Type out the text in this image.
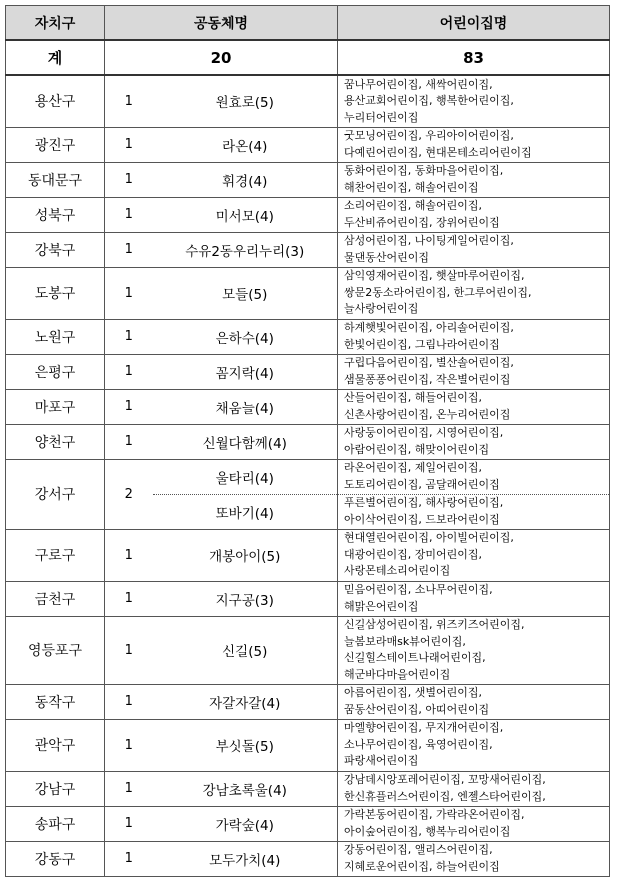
자치구	공동체명		어린이집명
계	20		83
용산구	1	원효로(5)	꿈나무어린이집, 새싹어린이집,
용산교회어린이집, 행복한어린이집,
누리터어린이집

광진구	1	라온(4)	굿모닝어린이집, 우리아이어린이집,
다예린어린이집, 현대몬테소리어린이집

동대문구	1	휘경(4)	동화어린이집, 동화마을어린이집,
해찬어린이집, 해솔어린이집

성북구	1	미서모(4)	소리어린이집, 해솔어린이집,
두산비쥬어린이집, 장위어린이집

강북구	1	수유2동우리누리(3)	삼성어린이집, 나이팅게일어린이집,
물댄동산어린이집

도봉구	1	모들(5)	삼익영재어린이집, 햇살마루어린이집,
쌍문2동소라어린이집, 한그루어린이집,
늘사랑어린이집

노원구	1	은하수(4)	하계햇빛어린이집, 아리솔어린이집,
한빛어린이집, 그림나라어린이집

은평구	1	꼼지락(4)	구립다음어린이집, 별산솔어린이집,
샘물퐁퐁어린이집, 작은별어린이집

마포구	1	채움늘(4)	산들어린이집, 해들어린이집,
신촌사랑어린이집, 온누리어린이집

양천구	1	신월다함께(4)	사랑둥이어린이집, 시영어린이집,
아람어린이집, 해맞이어린이집

강서구	2	울타리(4)	라온어린이집, 제일어린이집,
도토리어린이집, 곰달래어린이집

		또바기(4)	푸른별어린이집, 해사랑어린이집,
아이삭어린이집, 드보라어린이집

구로구	1	개봉아이(5)	현대열린어린이집, 아이빌어린이집,
대광어린이집, 장미어린이집,
사랑몬테소리어린이집

금천구	1	지구공(3)	믿음어린이집, 소나무어린이집,
해맑은어린이집

영등포구	1	신길(5)	신길삼성어린이집, 위즈키즈어린이집,
늘봄보라매sk뷰어린이집,
신길힐스테이트나래어린이집,
해군바다마을어린이집

동작구	1	자갈자갈(4)	아름어린이집, 샛별어린이집,
꿈동산어린이집, 아띠어린이집

관악구	1	부싯돌(5)	마엘향어린이집, 무지개어린이집,
소나무어린이집, 육영어린이집,
파랑새어린이집

강남구	1	강남초록울(4)	강남데시앙포레어린이집, 꼬망새어린이집,
한신휴플러스어린이집, 엔젤스타어린이집,

송파구	1	가락숲(4)	가락본동어린이집, 가락라온어린이집,
아이숲어린이집, 행복누리어린이집

강동구	1	모두가치(4)	강동어린이집, 앨리스어린이집,
지혜로운어린이집, 하늘어린이집
